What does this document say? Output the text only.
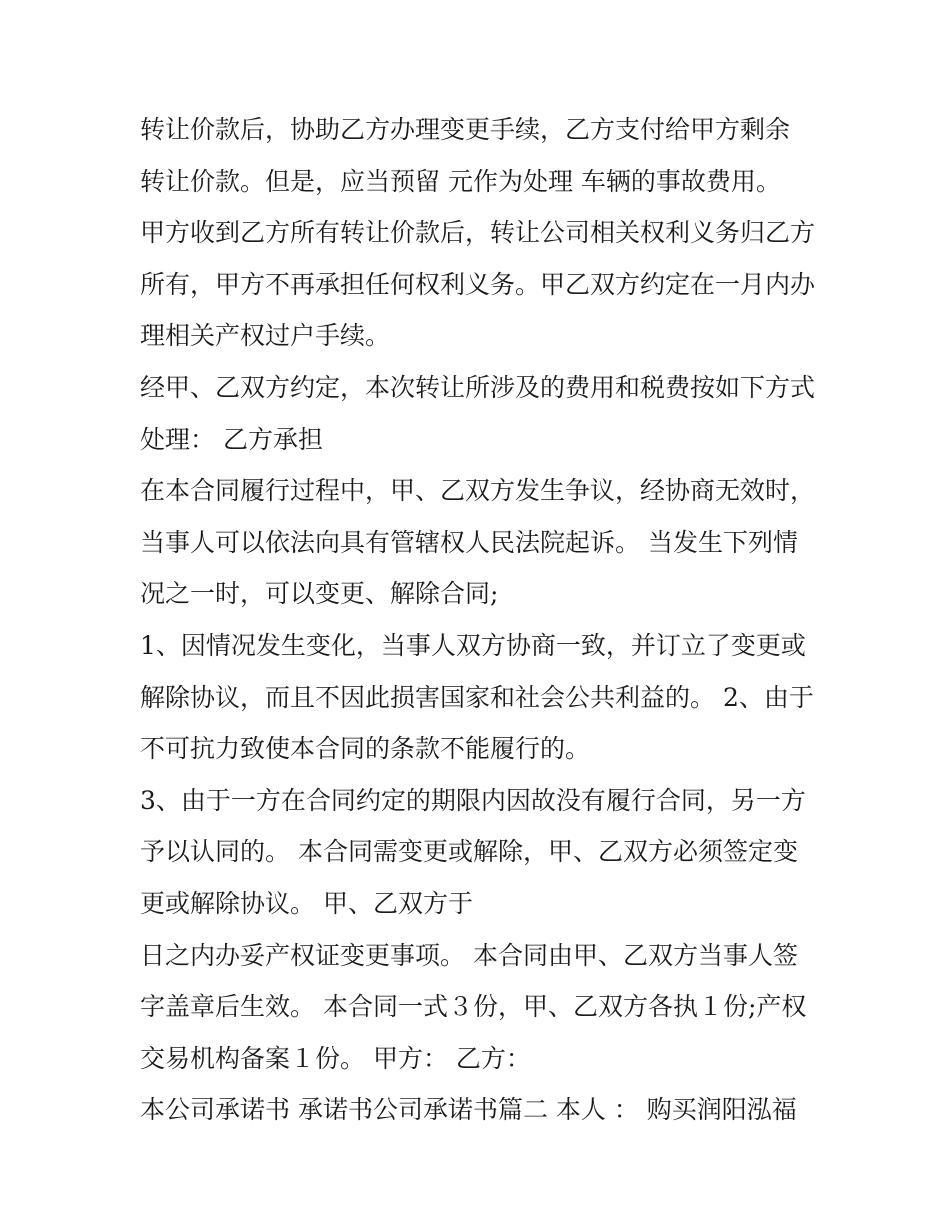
转让价款后，协助乙方办理变更手续，乙方支付给甲方剩余
转让价款。但是，应当预留 元作为处理 车辆的事故费用。
甲方收到乙方所有转让价款后，转让公司相关权利义务归乙方
所有，甲方不再承担任何权利义务。甲乙双方约定在一月内办
理相关产权过户手续。
经甲、乙双方约定，本次转让所涉及的费用和税费按如下方式
处理： 乙方承担
在本合同履行过程中，甲、乙双方发生争议，经协商无效时，
当事人可以依法向具有管辖权人民法院起诉。 当发生下列情
况之一时，可以变更、解除合同;
1、因情况发生变化，当事人双方协商一致，并订立了变更或
解除协议，而且不因此损害国家和社会公共利益的。 2、由于
不可抗力致使本合同的条款不能履行的。
3、由于一方在合同约定的期限内因故没有履行合同，另一方
予以认同的。 本合同需变更或解除，甲、乙双方必须签定变
更或解除协议。 甲、乙双方于
日之内办妥产权证变更事项。 本合同由甲、乙双方当事人签
字盖章后生效。 本合同一式３份，甲、乙双方各执１份;产权
交易机构备案１份。 甲方： 乙方：
本公司承诺书 承诺书公司承诺书篇二 本人 ： 购买润阳泓福
